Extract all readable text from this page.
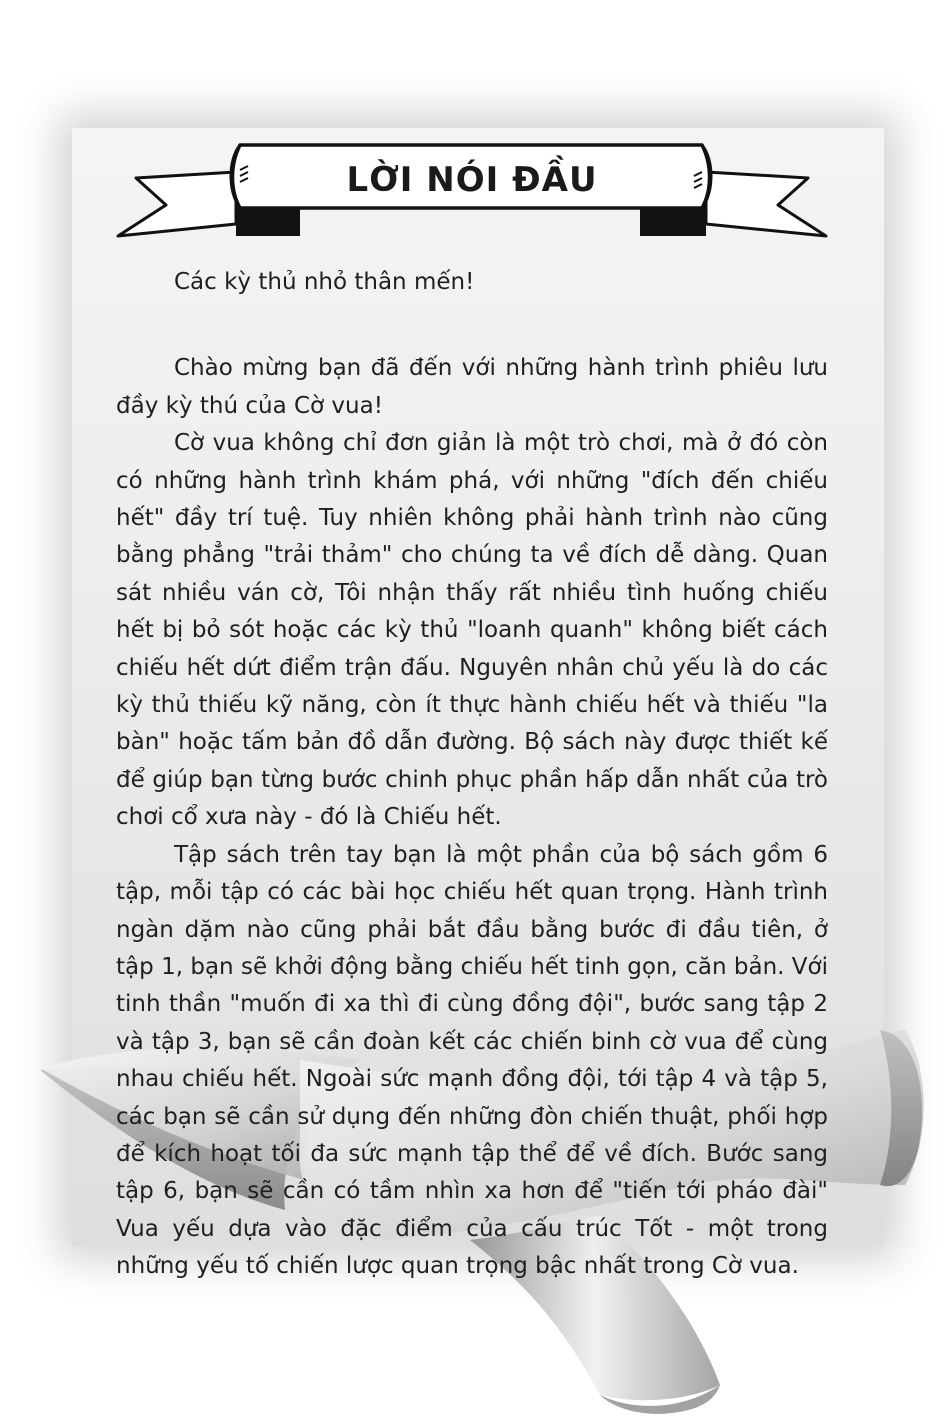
LỜI NÓI ĐẦU

Các kỳ thủ nhỏ thân mến!

Chào mừng bạn đã đến với những hành trình phiêu lưu đầy kỳ thú của Cờ vua!

Cờ vua không chỉ đơn giản là một trò chơi, mà ở đó còn có những hành trình khám phá, với những "đích đến chiếu hết" đầy trí tuệ. Tuy nhiên không phải hành trình nào cũng bằng phẳng "trải thảm" cho chúng ta về đích dễ dàng. Quan sát nhiều ván cờ, Tôi nhận thấy rất nhiều tình huống chiếu hết bị bỏ sót hoặc các kỳ thủ "loanh quanh" không biết cách chiếu hết dứt điểm trận đấu. Nguyên nhân chủ yếu là do các kỳ thủ thiếu kỹ năng, còn ít thực hành chiếu hết và thiếu "la bàn" hoặc tấm bản đồ dẫn đường. Bộ sách này được thiết kế để giúp bạn từng bước chinh phục phần hấp dẫn nhất của trò chơi cổ xưa này - đó là Chiếu hết.

Tập sách trên tay bạn là một phần của bộ sách gồm 6 tập, mỗi tập có các bài học chiếu hết quan trọng. Hành trình ngàn dặm nào cũng phải bắt đầu bằng bước đi đầu tiên, ở tập 1, bạn sẽ khởi động bằng chiếu hết tinh gọn, căn bản. Với tinh thần "muốn đi xa thì đi cùng đồng đội", bước sang tập 2 và tập 3, bạn sẽ cần đoàn kết các chiến binh cờ vua để cùng nhau chiếu hết. Ngoài sức mạnh đồng đội, tới tập 4 và tập 5, các bạn sẽ cần sử dụng đến những đòn chiến thuật, phối hợp để kích hoạt tối đa sức mạnh tập thể để về đích. Bước sang tập 6, bạn sẽ cần có tầm nhìn xa hơn để "tiến tới pháo đài" Vua yếu dựa vào đặc điểm của cấu trúc Tốt - một trong những yếu tố chiến lược quan trọng bậc nhất trong Cờ vua.
